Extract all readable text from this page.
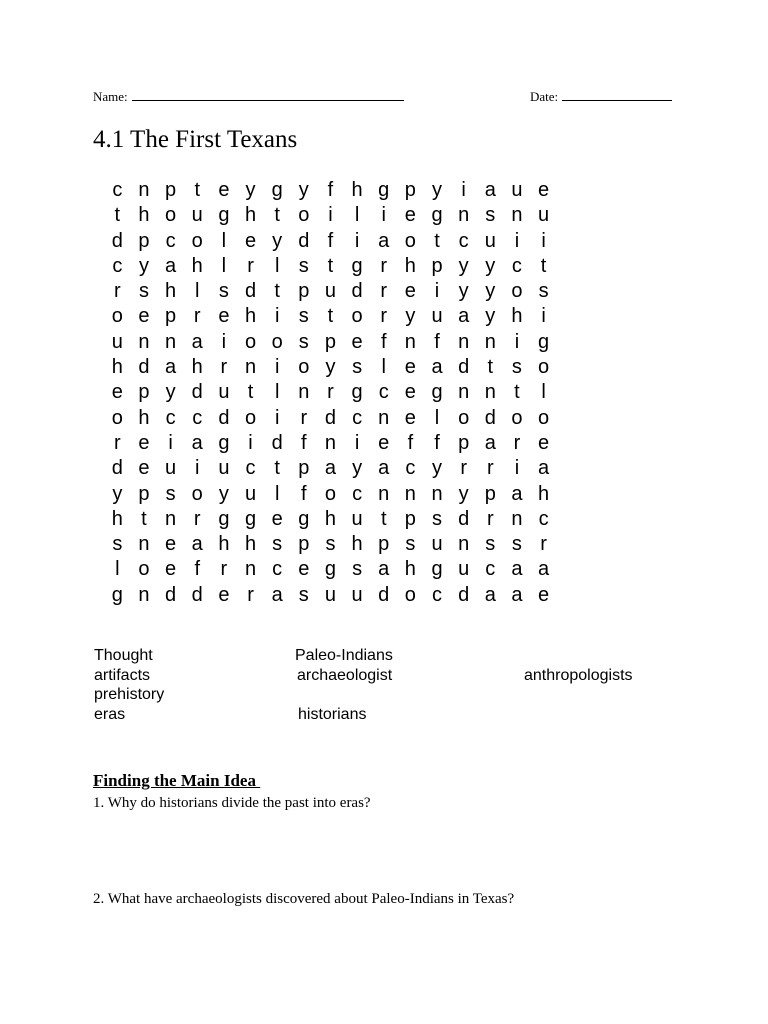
Name:	Date:
4.1 The First Texans
c n p t e y g y f h g p y i a u e
t h o u g h t o i	l	i e g n s n u
d p c o l e y d f	i a o t c u i	i
c y a h l	r	l s t g r h p y y c t
r s h l s d t p u d r e i y y o s
o e p r e h i s t o r y u a y h i
u n n a i o o s p e f n f n n i g
h d a h r n i o y s l e a d t s o
e p y d u t	l n r g c e g n n t	l
o h c c d o i	r d c n e l o d o o
r e i a g i d f n i e f	f p a r e
d e u i u c t p a y a c y r r	i a
y p s o y u l	f o c n n n y p a h
h t n r g g e g h u t p s d r n c
s n e a h h s p s h p s u n s s r
l o e f	r n c e g s a h g u c a a
g n d d e r a s u u d o c d a a e
Thought	Paleo-Indians
artifacts	archaeologist	anthropologists
prehistory
eras	historians
Finding the Main Idea
1. Why do historians divide the past into eras?
2. What have archaeologists discovered about Paleo-Indians in Texas?
